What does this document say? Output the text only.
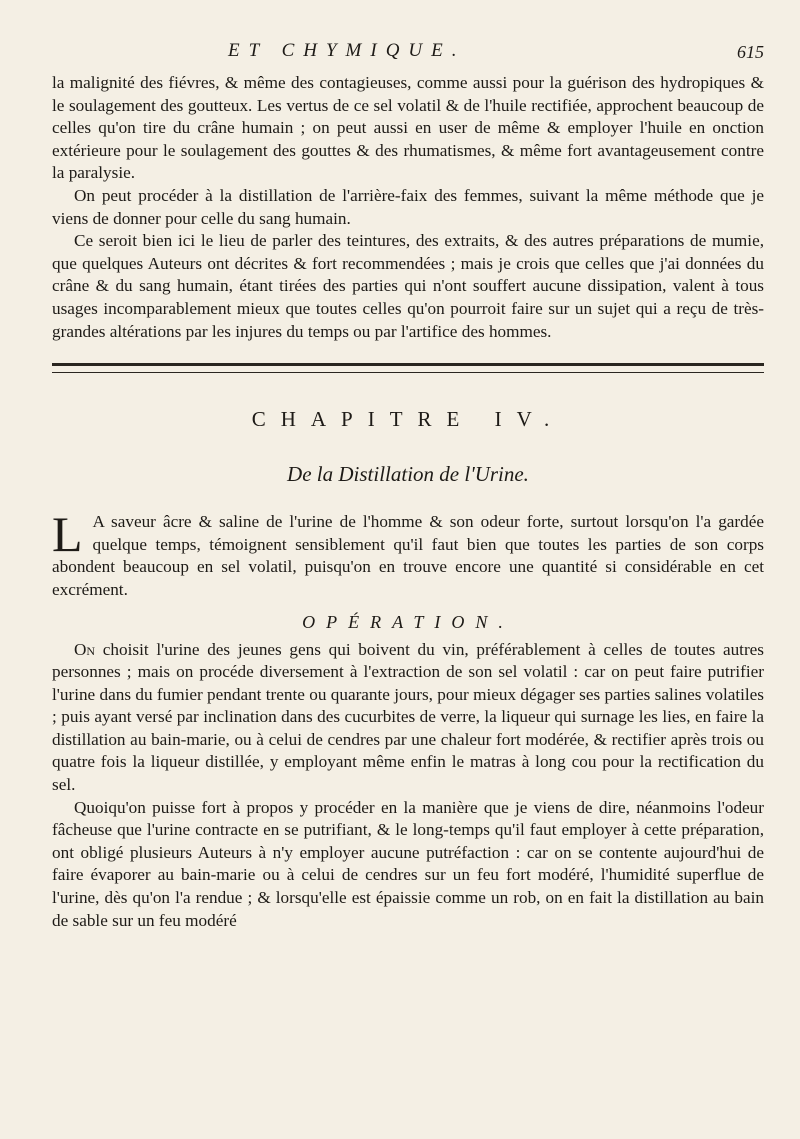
ET CHYMIQUE.	615

la malignité des fiévres, & même des contagieuses, comme aussi pour la guérison des hydropiques & le soulagement des goutteux. Les vertus de ce sel volatil & de l'huile rectifiée, approchent beaucoup de celles qu'on tire du crâne humain ; on peut aussi en user de même & employer l'huile en onction extérieure pour le soulagement des gouttes & des rhumatismes, & même fort avantageusement contre la paralysie.

On peut procéder à la distillation de l'arrière-faix des femmes, suivant la même méthode que je viens de donner pour celle du sang humain.

Ce seroit bien ici le lieu de parler des teintures, des extraits, & des autres préparations de mumie, que quelques Auteurs ont décrites & fort recommendées ; mais je crois que celles que j'ai données du crâne & du sang humain, étant tirées des parties qui n'ont souffert aucune dissipation, valent à tous usages incomparablement mieux que toutes celles qu'on pourroit faire sur un sujet qui a reçu de très-grandes altérations par les injures du temps ou par l'artifice des hommes.

CHAPITRE IV.
De la Distillation de l'Urine.
L A saveur âcre & saline de l'urine de l'homme & son odeur forte, surtout lorsqu'on l'a gardée quelque temps, témoignent sensiblement qu'il faut bien que toutes les parties de son corps abondent beaucoup en sel volatil, puisqu'on en trouve encore une quantité si considérable en cet excrément.

OPÉRATION.

On choisit l'urine des jeunes gens qui boivent du vin, préférablement à celles de toutes autres personnes ; mais on procéde diversement à l'extraction de son sel volatil : car on peut faire putrifier l'urine dans du fumier pendant trente ou quarante jours, pour mieux dégager ses parties salines volatiles ; puis ayant versé par inclination dans des cucurbites de verre, la liqueur qui surnage les lies, en faire la distillation au bain-marie, ou à celui de cendres par une chaleur fort modérée, & rectifier après trois ou quatre fois la liqueur distillée, y employant même enfin le matras à long cou pour la rectification du sel.

Quoiqu'on puisse fort à propos y procéder en la manière que je viens de dire, néanmoins l'odeur fâcheuse que l'urine contracte en se putrifiant, & le long-temps qu'il faut employer à cette préparation, ont obligé plusieurs Auteurs à n'y employer aucune putréfaction : car on se contente aujourd'hui de faire évaporer au bain-marie ou à celui de cendres sur un feu fort modéré, l'humidité superflue de l'urine, dès qu'on l'a rendue ; & lorsqu'elle est épaissie comme un rob, on en fait la distillation au bain de sable sur un feu modéré
